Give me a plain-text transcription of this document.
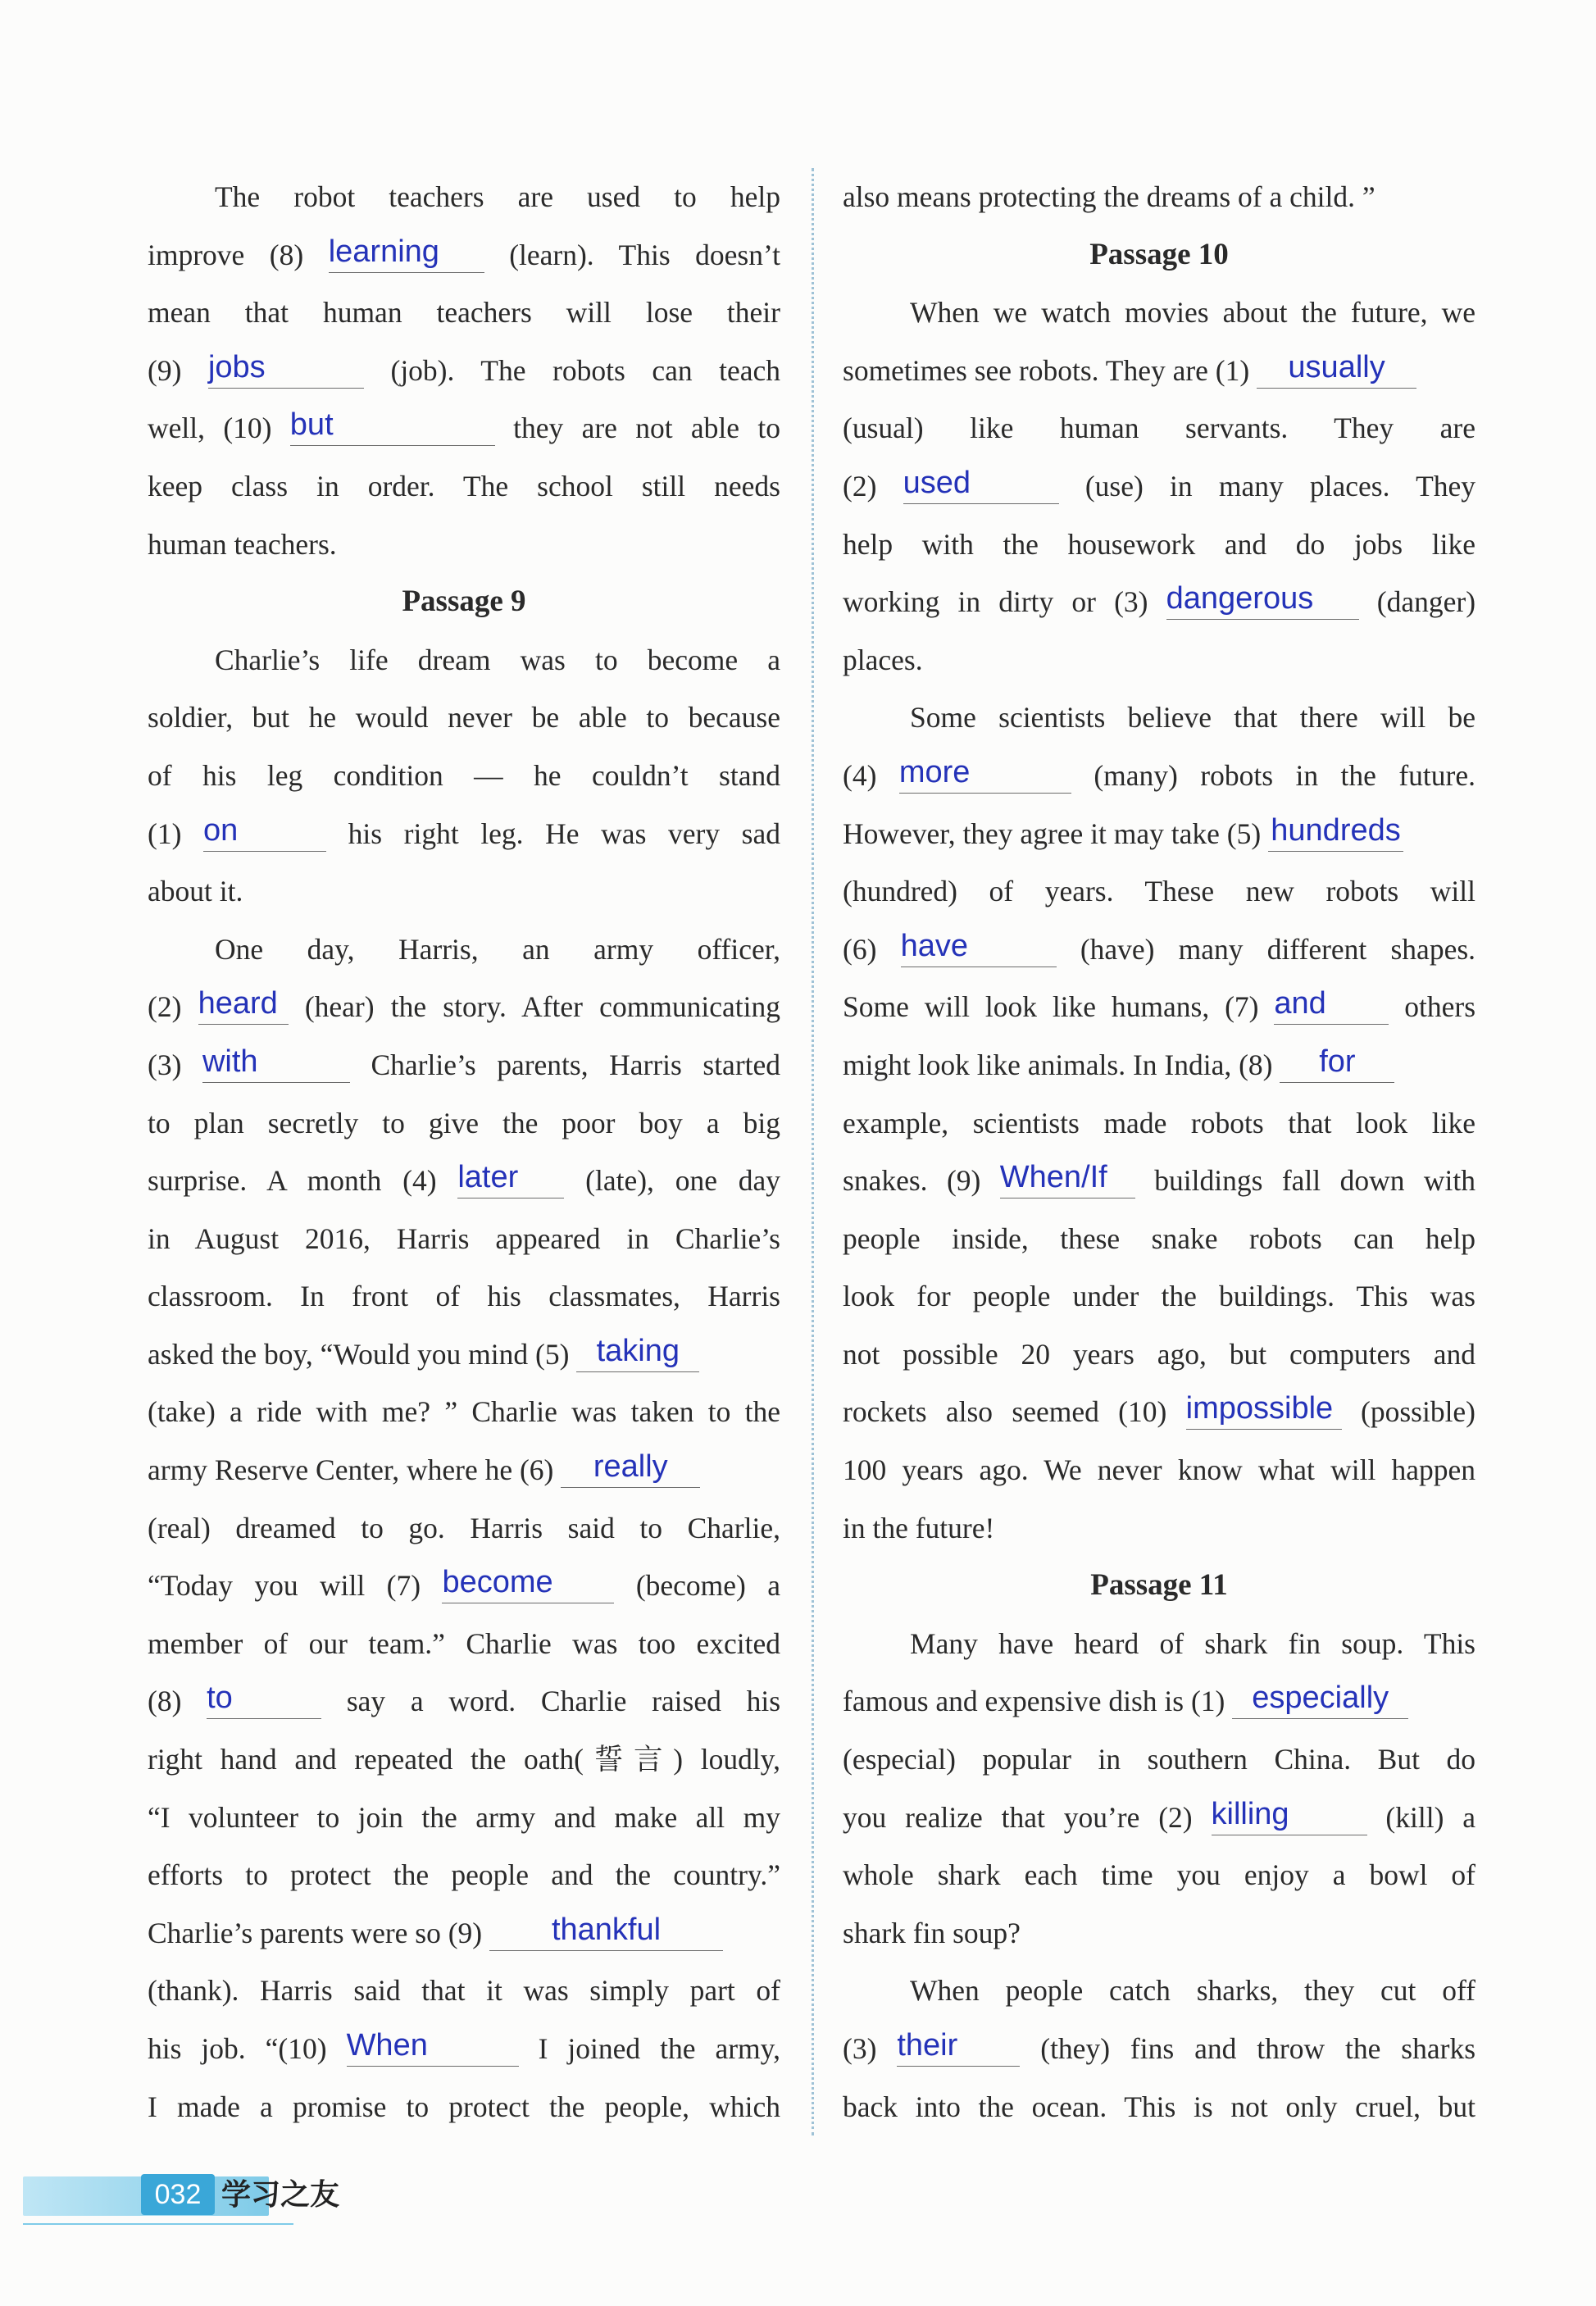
The robot teachers are used to help
improve (8) learning	(learn). This doesn’t
mean that human teachers will lose their
(9) jobs	(job). The robots can teach
well, (10) but	they are not able to
keep class in order. The school still needs
human teachers.
Passage 9
Charlie’s life dream was to become a
soldier, but he would never be able to because
of his leg condition — he couldn’t stand
(1) on	his right leg. He was very sad
about it.
One day, Harris, an army officer,
(2) heard (hear) the story. After communicating
(3) with	Charlie’s parents, Harris started
to plan secretly to give the poor boy a big
surprise. A month (4) later	(late), one day
in August 2016, Harris appeared in Charlie’s
classroom. In front of his classmates, Harris
asked the boy, “Would you mind (5) taking
(take) a ride with me? ” Charlie was taken to the
army Reserve Center, where he (6)	really
(real) dreamed to go. Harris said to Charlie,
“Today you will (7) become	(become) a
member of our team.” Charlie was too excited
(8) to	say a word. Charlie raised his
right hand and repeated the oath(誓言) loudly,
“I volunteer to join the army and make all my
efforts to protect the people and the country.”
Charlie’s parents were so (9)	thankful
(thank). Harris said that it was simply part of
his job. “(10) When	I joined the army,
I made a promise to protect the people, which
also means protecting the dreams of a child. ”
Passage 10
When we watch movies about the future, we
sometimes see robots. They are (1)	usually
(usual) like human servants. They are
(2) used	(use) in many places. They
help with the housework and do jobs like
working in dirty or (3) dangerous	(danger)
places.
Some scientists believe that there will be
(4) more	(many) robots in the future.
However, they agree it may take (5) hundreds
(hundred) of years. These new robots will
(6) have	(have) many different shapes.
Some will look like humans, (7) and	others
might look like animals. In India, (8)	for
example, scientists made robots that look like
snakes. (9) When/If	buildings fall down with
people inside, these snake robots can help
look for people under the buildings. This was
not possible 20 years ago, but computers and
rockets also seemed (10) impossible (possible)
100 years ago. We never know what will happen
in the future!
Passage 11
Many have heard of shark fin soup. This
famous and expensive dish is (1) especially
(especial) popular in southern China. But do
you realize that you’re (2) killing	(kill) a
whole shark each time you enjoy a bowl of
shark fin soup?
When people catch sharks, they cut off
(3) their	(they) fins and throw the sharks
back into the ocean. This is not only cruel, but
032 学习之友
